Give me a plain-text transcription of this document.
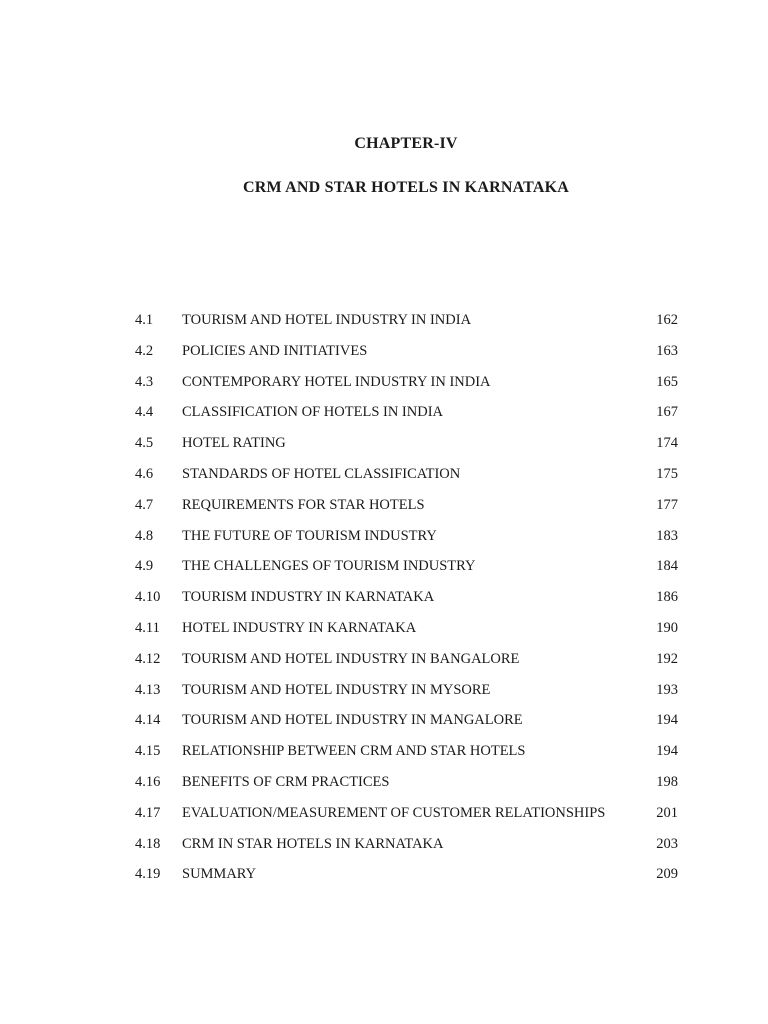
CHAPTER-IV
CRM AND STAR HOTELS IN KARNATAKA
4.1 TOURISM AND HOTEL INDUSTRY IN INDIA	162
4.2 POLICIES AND INITIATIVES	163
4.3 CONTEMPORARY HOTEL INDUSTRY IN INDIA	165
4.4 CLASSIFICATION OF HOTELS IN INDIA	167
4.5 HOTEL RATING	174
4.6 STANDARDS OF HOTEL CLASSIFICATION	175
4.7 REQUIREMENTS FOR STAR HOTELS	177
4.8 THE FUTURE OF TOURISM INDUSTRY	183
4.9 THE CHALLENGES OF TOURISM INDUSTRY	184
4.10 TOURISM INDUSTRY IN KARNATAKA	186
4.11 HOTEL INDUSTRY IN KARNATAKA	190
4.12 TOURISM AND HOTEL INDUSTRY IN BANGALORE	192
4.13 TOURISM AND HOTEL INDUSTRY IN MYSORE	193
4.14 TOURISM AND HOTEL INDUSTRY IN MANGALORE	194
4.15 RELATIONSHIP BETWEEN CRM AND STAR HOTELS	194
4.16 BENEFITS OF CRM PRACTICES	198
4.17 EVALUATION/MEASUREMENT OF CUSTOMER RELATIONSHIPS	201
4.18 CRM IN STAR HOTELS IN KARNATAKA	203
4.19 SUMMARY	209
